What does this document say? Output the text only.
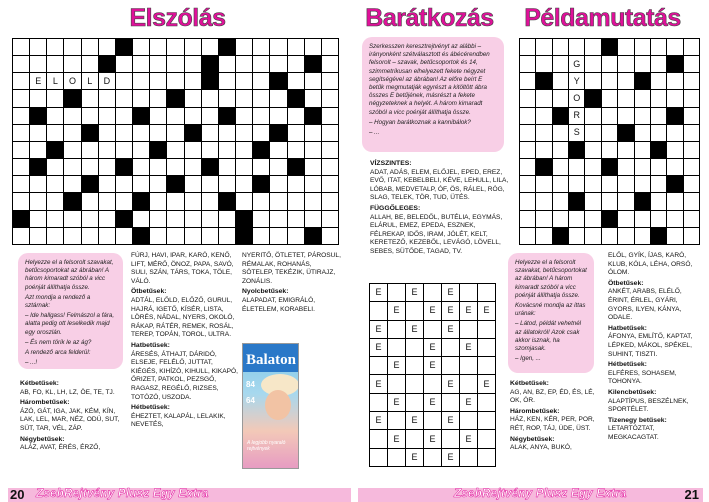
Elszólás	Barátkozás	Példamutatás
E	L	O	L	D
G
Y
O
R
S
E	E	E
E	E	E	E	E
E	E	E
E	E	E
E	E
E	E	E
E	E	E
E	E	E
E	E	E
E	E

Helyezze el a felsorolt szavakat, betűcsoportokat az ábrában! A három kimaradt szóból a vicc poénját állíthatja össze.

Azt mondja a rendező a sztárnak:

– Ide hallgass! Felmászol a fára, alatta pedig ott leselkedik majd egy oroszlán.

– És nem törik le az ág?

A rendező arca felderül:

– ...!

Kétbetűsek:
AB, FO, KL, LH, LZ, ÖE, TE, TJ.
Hárombetűsek:
ÁZÓ, GÁT, IGA, JAK, KÉM, KÍN, LAK, LEL, MAR, NÉZ, ODÚ, SUT, SÜT, TAR, VÉL, ZÁP.
Négybetűsek:
ALÁZ, AVAT, ÉRÉS, ÉRZŐ,
FÚRJ, HAVI, IPAR, KARÓ, KENŐ, LIFT, MÉRŐ, ÖNOZ, PAPA, SAVÓ, SULI, SZÁN, TÁRS, TOKA, TÖLE, VÁLÓ.
Ötbetűsek:
ADTÁL, ELŐLD, ELŐZŐ, GURUL, HAJRÁ, IGETŐ, KÍSÉR, LISTA, LÖRÉS, NÁDAL, NYERS, OKOLÓ, RÁKAP, RÁTÉR, REMEK, ROSÁL, TEREP, TOPÁN, TOROL, ULTRA.
Hatbetűsek:
ÁRESÉS, ÁTHAJT, DÁRIDÓ, ELSEJE, FELÉLŐ, JUTTAT, KIÉGÉS, KIHÍZÓ, KIHULL, KIKAPÓ, ŐRIZET, PATKOL, PEZSGŐ, RAGASZ, REGÉLŐ, RIZSES, TOTÓZÓ, USZODA.
Hétbetűsek:
ÉHEZTET, KALAPÁL, LELAKIK, NEVETÉS,
NYERITŐ, ÖTLETET, PÁROSUL, RÉMALAK, ROHANÁS, SÖTELEP, TEKÉZIK, ÜTIRAJZ, ZONÁLIS.
Nyolcbetűsek:
ALAPADAT, EMIGRÁLÓ, ÉLETELEM, KORABELI.
Balaton
84
64
A legjobb nyaraló rejtvények

Szerkesszen keresztrejtvényt az alábbi – irányonként szétválasztott és ábécérendben felsorolt – szavak, betűcsoportok és 14, szimmetrikusan elhelyezett fekete négyzet segítségével az ábrában! Az előre beírt E betűk megmutatják egyrészt a kitöltött ábra összes E betűjének, másrészt a fekete négyzeteknek a helyét. A három kimaradt szóból a vicc poénját állíthatja össze.

– Hogyan barátkoznak a kannibálok?

– ...

VÍZSZINTES:
ADAT, ADÁS, ELEM, ELŐJEL, EPED, EREZ, EVŐ, ITAT, KEBELBELI, KÉVE, LEHULL, LILA, LÓBAB, MEDVETALP, ÓF, ÖS, RÁLEL, RÓG, SLAG, TELEK, TÖR, TUD, ÜTÉS.
FÜGGŐLEGES:
ALLAH, BE, BELEDŐL, BUTÉLIA, EGYMÁS, ELÁRUL, EMEZ, EPEDA, ESZNEK, FÉLREKAP, IDŐS, IRAM, JÓLÉT, KELT, KERETEZŐ, KEZEBŐL, LEVÁGÓ, LÖVELL, SEBES, SÜTŐDE, TAGAD, TV.

Helyezze el a felsorolt szavakat, betűcsoportokat az ábrában! A három kimaradt szóból a vicc poénját állíthatja össze.

Kovácsné mondja az ittas urának:

– Látod, példát vehetnél az állatokról! Azok csak akkor isznak, ha szomjasak.

– Igen, ...

Kétbetűsek:
AG, AN, BZ, EP, ÉD, ÉS, LÉ, OK, ÓR.
Hárombetűsek:
HÁZ, KEN, KÉR, PER, POR, RÉT, ROP, TÁJ, ÚDE, ÜST.
Négybetűsek:
ALAK, ANYA, BUKÓ,
ELŐL, GYÍK, ÍJAS, KARÓ, KLUB, KÓLA, LÉHA, ORSÓ, ÓLOM.
Ötbetűsek:
ANKÉT, ARABS, ELÉLŐ, ÉRINT, ÉRLEL, GYÁRI, GYORS, ILYEN, KÁNYA, ODALE.
Hatbetűsek:
ÁFONYA, EMLÍTŐ, KAPTAT, LÉPKED, MÁKOL, SPÉKEL, SUHINT, TISZTI.
Hétbetűsek:
ELFÉRES, SOHASEM, TOHONYA.
Kilencbetűsek:
ALAPTÍPUS, BESZÉLNEK, SPORTÉLET.
Tizenegy betűsek:
LETARTÓZTAT, MEGKACAGTAT.
20 ZsebRejtvény Plusz Egy Extra	ZsebRejtvény Plusz Egy Extra	21
